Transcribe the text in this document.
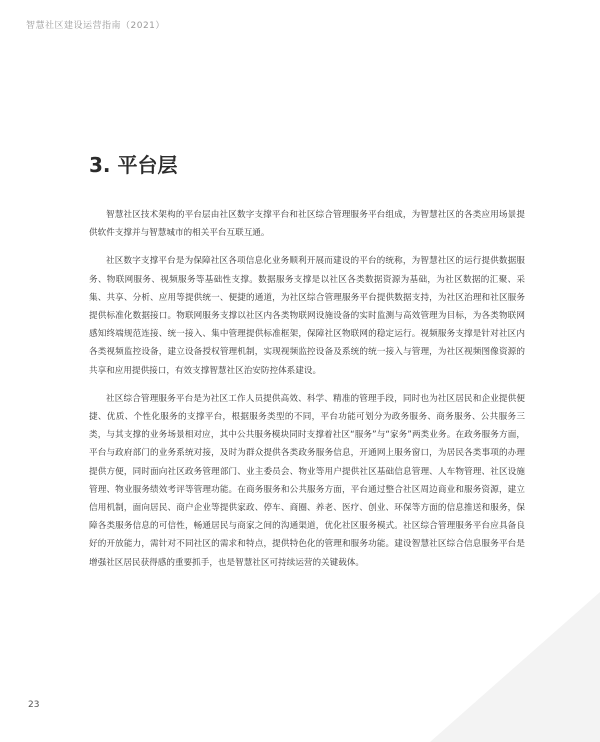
智慧社区建设运营指南（2021）
3. 平台层

智慧社区技术架构的平台层由社区数字支撑平台和社区综合管理服务平台组成，为智慧社区的各类应用场景提供软件支撑并与智慧城市的相关平台互联互通。

社区数字支撑平台是为保障社区各项信息化业务顺利开展而建设的平台的统称，为智慧社区的运行提供数据服务、物联网服务、视频服务等基础性支撑。数据服务支撑是以社区各类数据资源为基础，为社区数据的汇聚、采集、共享、分析、应用等提供统一、便捷的通道，为社区综合管理服务平台提供数据支持，为社区治理和社区服务提供标准化数据接口。物联网服务支撑以社区内各类物联网设施设备的实时监测与高效管理为目标，为各类物联网感知终端规范连接、统一接入、集中管理提供标准框架，保障社区物联网的稳定运行。视频服务支撑是针对社区内各类视频监控设备，建立设备授权管理机制，实现视频监控设备及系统的统一接入与管理，为社区视频图像资源的共享和应用提供接口，有效支撑智慧社区治安防控体系建设。

社区综合管理服务平台是为社区工作人员提供高效、科学、精准的管理手段，同时也为社区居民和企业提供便捷、优质、个性化服务的支撑平台，根据服务类型的不同，平台功能可划分为政务服务、商务服务、公共服务三类，与其支撑的业务场景相对应，其中公共服务模块同时支撑着社区“服务”与“家务”两类业务。在政务服务方面，平台与政府部门的业务系统对接，及时为群众提供各类政务服务信息，开通网上服务窗口，为居民各类事项的办理提供方便，同时面向社区政务管理部门、业主委员会、物业等用户提供社区基础信息管理、人车物管理、社区设施管理、物业服务绩效考评等管理功能。在商务服务和公共服务方面，平台通过整合社区周边商业和服务资源，建立信用机制，面向居民、商户企业等提供家政、停车、商圈、养老、医疗、创业、环保等方面的信息推送和服务，保障各类服务信息的可信性，畅通居民与商家之间的沟通渠道，优化社区服务模式。社区综合管理服务平台应具备良好的开放能力，需针对不同社区的需求和特点，提供特色化的管理和服务功能。建设智慧社区综合信息服务平台是增强社区居民获得感的重要抓手，也是智慧社区可持续运营的关键载体。

23
